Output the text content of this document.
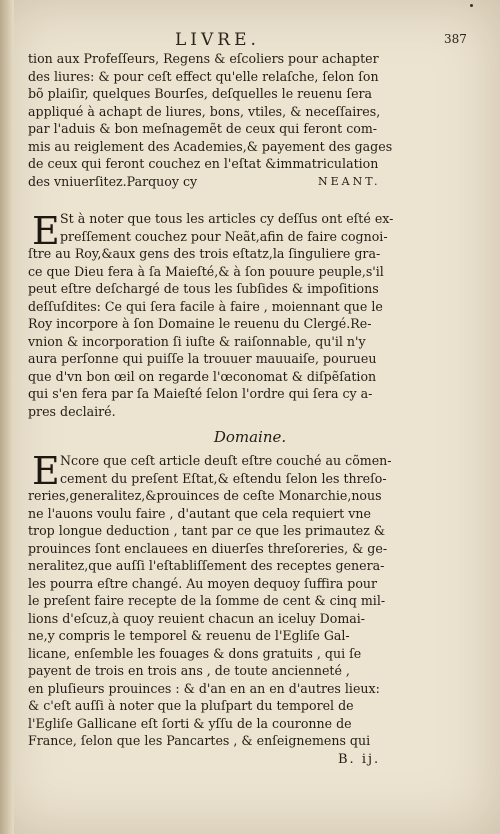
LIVRE.	387
tion aux Profeſſeurs, Regens & eſcoliers pour achapter
des liures: & pour ceſt effect qu'elle relaſche, ſelon ſon
bõ plaiſir, quelques Bourſes, deſquelles le reuenu ſera
appliqué à achapt de liures, bons, vtiles, & neceſſaires,
par l'aduis & bon meſnagemẽt de ceux qui feront com-
mis au reiglement des Academies,& payement des gages
de ceux qui feront couchez en l'eſtat &immatriculation
des vniuerſitez.Parquoy cy	NEANT.
E St à noter que tous les articles cy deſſus ont eſté ex-
preſſement couchez pour Neãt,afin de faire cognoi-
ſtre au Roy,&aux gens des trois eſtatz,la ſinguliere gra-
ce que Dieu fera à ſa Maieſté,& à ſon pouure peuple,s'il
peut eſtre deſchargé de tous les ſubſides & impoſitions
deſſuſdites: Ce qui ſera facile à faire , moiennant que le
Roy incorpore à ſon Domaine le reuenu du Clergé.Re-
vnion & incorporation ſi iuſte & raiſonnable, qu'il n'y
aura perſonne qui puiſſe la trouuer mauuaiſe, pourueu
que d'vn bon œil on regarde l'œconomat & diſpẽſation
qui s'en fera par ſa Maieſté ſelon l'ordre qui ſera cy a-
pres declairé.
Domaine.
E Ncore que ceſt article deuſt eſtre couché au cõmen-
cement du preſent Eſtat,& eſtendu ſelon les threſo-
reries,generalitez,&prouinces de ceſte Monarchie,nous
ne l'auons voulu faire , d'autant que cela requiert vne
trop longue deduction , tant par ce que les primautez &
prouinces ſont enclauees en diuerſes threſoreries, & ge-
neralitez,que auſſi l'eſtabliſſement des receptes genera-
les pourra eſtre changé. Au moyen dequoy ſuffira pour
le preſent faire recepte de la ſomme de cent & cinq mil-
lions d'eſcuz,à quoy reuient chacun an iceluy Domai-
ne,y compris le temporel & reuenu de l'Egliſe Gal-
licane, enſemble les fouages & dons gratuits , qui ſe
payent de trois en trois ans , de toute ancienneté ,
en pluſieurs prouinces : & d'an en an en d'autres lieux:
& c'eſt auſſi à noter que la pluſpart du temporel de
l'Egliſe Gallicane eſt ſorti & yſſu de la couronne de
France, ſelon que les Pancartes , & enſeignemens qui
B. ij.
